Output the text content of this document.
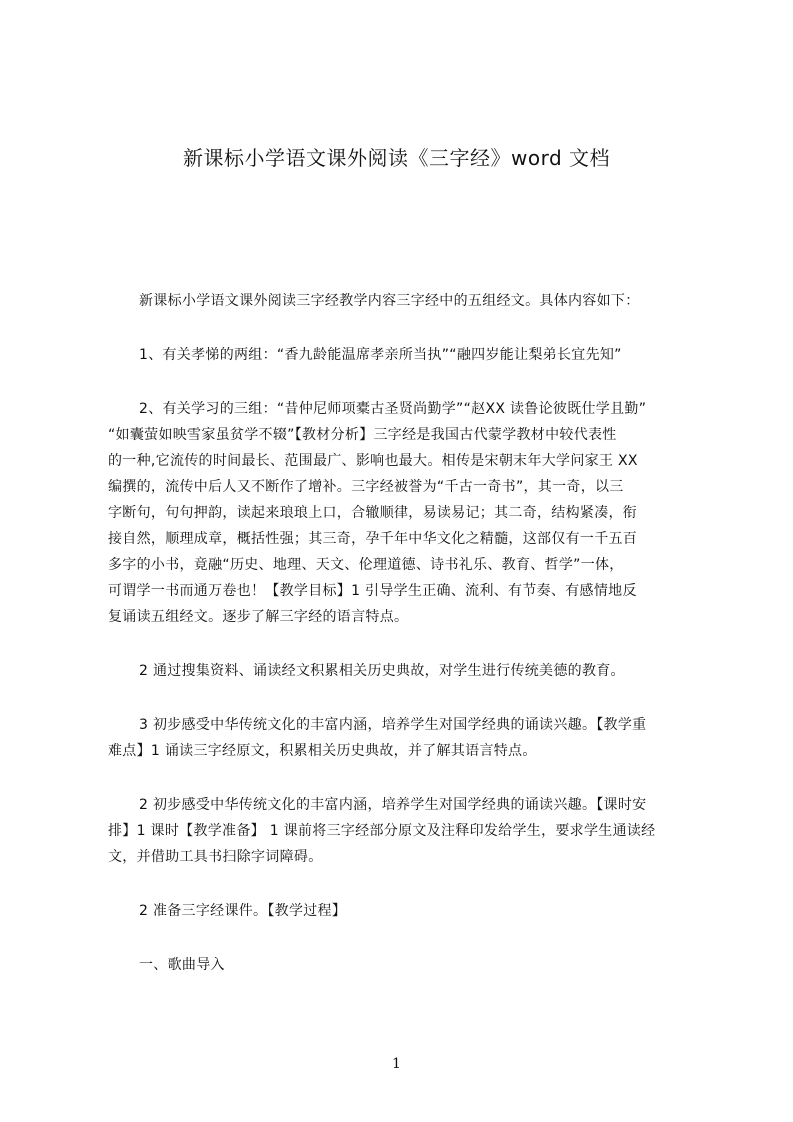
新课标小学语文课外阅读《三字经》word 文档
新课标小学语文课外阅读三字经教学内容三字经中的五组经文。具体内容如下：
1、有关孝悌的两组：“香九龄能温席孝亲所当执”“融四岁能让梨弟长宜先知”
2、有关学习的三组：“昔仲尼师项橐古圣贤尚勤学”“赵XX 读鲁论彼既仕学且勤”
“如囊萤如映雪家虽贫学不辍”【教材分析】三字经是我国古代蒙学教材中较代表性
的一种,它流传的时间最长、范围最广、影响也最大。相传是宋朝末年大学问家王 XX
编撰的，流传中后人又不断作了增补。三字经被誉为“千古一奇书”，其一奇，以三
字断句，句句押韵，读起来琅琅上口，合辙顺律，易读易记；其二奇，结构紧凑，衔
接自然，顺理成章，概括性强；其三奇，孕千年中华文化之精髓，这部仅有一千五百
多字的小书，竟融“历史、地理、天文、伦理道德、诗书礼乐、教育、哲学”一体，
可谓学一书而通万卷也！【教学目标】1 引导学生正确、流利、有节奏、有感情地反
复诵读五组经文。逐步了解三字经的语言特点。
2 通过搜集资料、诵读经文积累相关历史典故，对学生进行传统美德的教育。
3 初步感受中华传统文化的丰富内涵，培养学生对国学经典的诵读兴趣。【教学重
难点】1 诵读三字经原文，积累相关历史典故，并了解其语言特点。
2 初步感受中华传统文化的丰富内涵，培养学生对国学经典的诵读兴趣。【课时安
排】1 课时【教学准备】 1 课前将三字经部分原文及注释印发给学生，要求学生通读经
文，并借助工具书扫除字词障碍。
2 准备三字经课件。【教学过程】
一、歌曲导入
1
